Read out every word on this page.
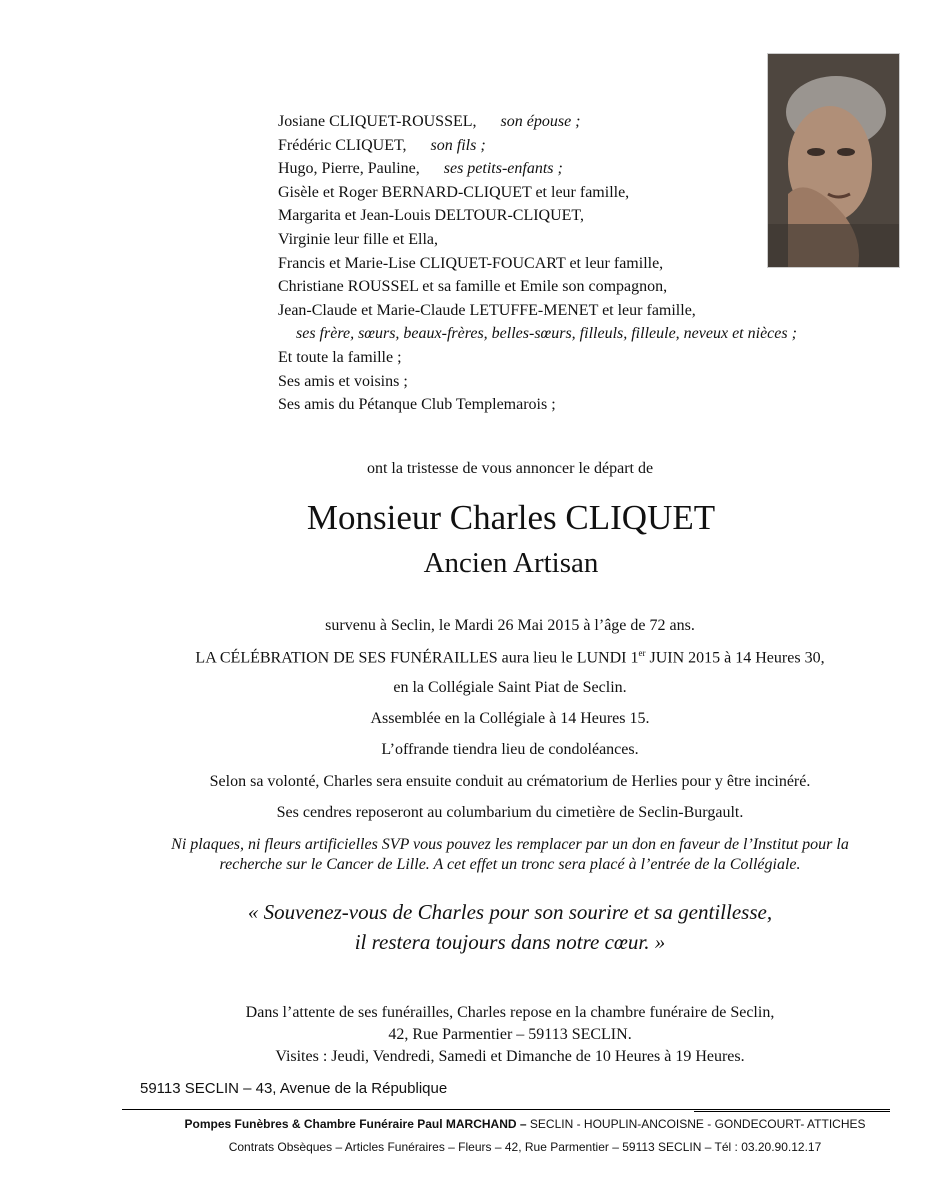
Josiane CLIQUET-ROUSSEL, son épouse ;
Frédéric CLIQUET, son fils ;
Hugo, Pierre, Pauline, ses petits-enfants ;
Gisèle et Roger BERNARD-CLIQUET et leur famille,
Margarita et Jean-Louis DELTOUR-CLIQUET,
Virginie leur fille et Ella,
Francis et Marie-Lise CLIQUET-FOUCART et leur famille,
Christiane ROUSSEL et sa famille et Emile son compagnon,
Jean-Claude et Marie-Claude LETUFFE-MENET et leur famille,
ses frère, sœurs, beaux-frères, belles-sœurs, filleuls, filleule, neveux et nièces ;
Et toute la famille ;
Ses amis et voisins ;
Ses amis du Pétanque Club Templemarois ;
ont la tristesse de vous annoncer le départ de
Monsieur Charles CLIQUET
Ancien Artisan
survenu à Seclin, le Mardi 26 Mai 2015 à l’âge de 72 ans.
LA CÉLÉBRATION DE SES FUNÉRAILLES aura lieu le LUNDI 1er JUIN 2015 à 14 Heures 30,
en la Collégiale Saint Piat de Seclin.
Assemblée en la Collégiale à 14 Heures 15.
L’offrande tiendra lieu de condoléances.
Selon sa volonté, Charles sera ensuite conduit au crématorium de Herlies pour y être incinéré.
Ses cendres reposeront au columbarium du cimetière de Seclin-Burgault.
Ni plaques, ni fleurs artificielles SVP vous pouvez les remplacer par un don en faveur de l’Institut pour la
recherche sur le Cancer de Lille. A cet effet un tronc sera placé à l’entrée de la Collégiale.
« Souvenez-vous de Charles pour son sourire et sa gentillesse,
il restera toujours dans notre cœur. »
Dans l’attente de ses funérailles, Charles repose en la chambre funéraire de Seclin,
42, Rue Parmentier – 59113 SECLIN.
Visites : Jeudi, Vendredi, Samedi et Dimanche de 10 Heures à 19 Heures.
59113 SECLIN – 43, Avenue de la République
Pompes Funèbres & Chambre Funéraire Paul MARCHAND – SECLIN - HOUPLIN-ANCOISNE - GONDECOURT- ATTICHES
Contrats Obsèques – Articles Funéraires – Fleurs – 42, Rue Parmentier – 59113 SECLIN – Tél : 03.20.90.12.17
